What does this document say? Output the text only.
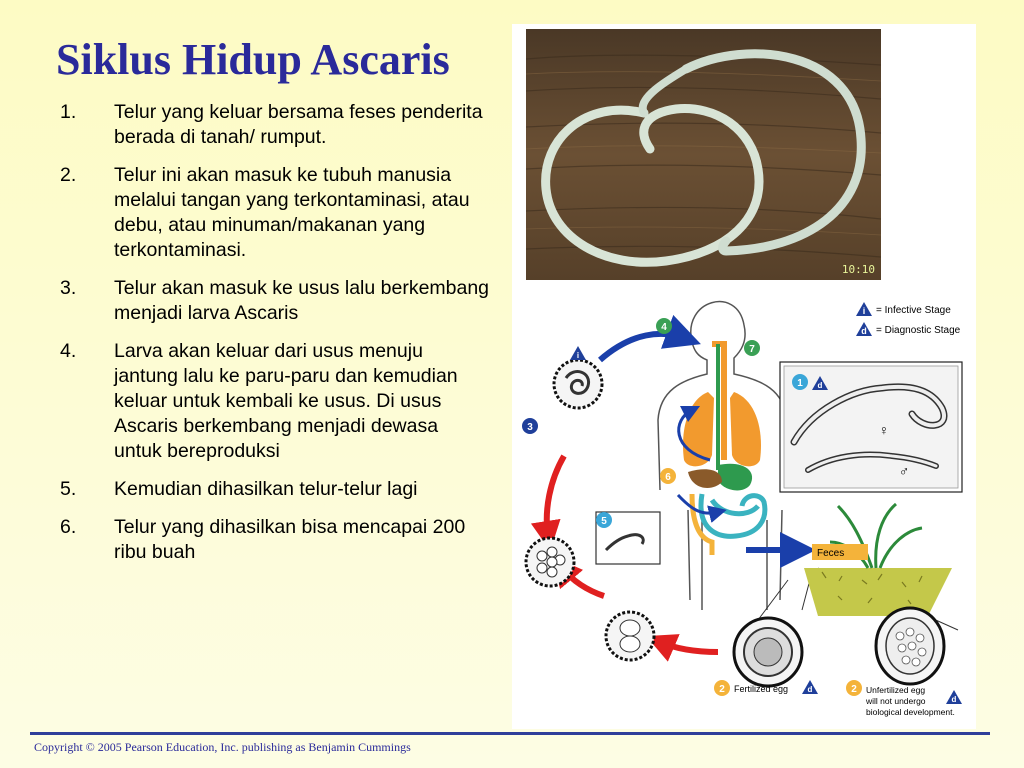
Siklus Hidup Ascaris
1. Telur yang keluar bersama feses penderita berada di tanah/ rumput.
2. Telur ini akan masuk ke tubuh manusia melalui tangan yang terkontaminasi, atau debu, atau minuman/makanan yang terkontaminasi.
3. Telur akan masuk ke usus lalu berkembang menjadi larva Ascaris
4. Larva akan keluar dari usus menuju jantung lalu ke paru-paru dan kemudian keluar untuk kembali ke usus. Di usus Ascaris berkembang menjadi dewasa untuk bereproduksi
5. Kemudian dihasilkan telur-telur lagi
6. Telur yang dihasilkan bisa mencapai 200 ribu buah
10:10
i = Infective Stage
d = Diagnostic Stage
♀
♂
Feces
1 d
2 Fertilized egg d	2 Unfertilized egg
will not undergo
biological development.
d
3
4
5
6
7
i
Copyright © 2005 Pearson Education, Inc. publishing as Benjamin Cummings
